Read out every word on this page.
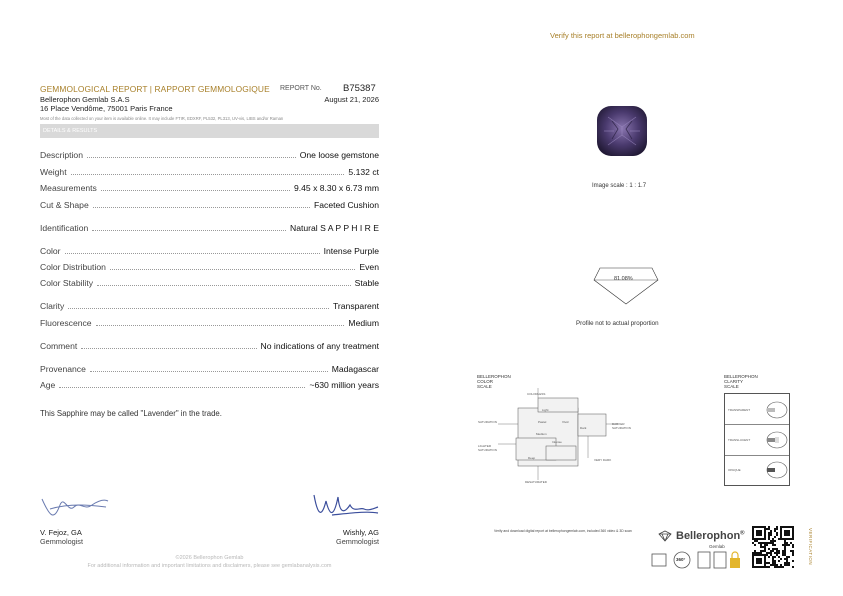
Verify this report at bellerophongemlab.com
GEMMOLOGICAL REPORT | RAPPORT GEMMOLOGIQUE REPORT No. B75387
Bellerophon Gemlab S.A.S	August 21, 2026
16 Place Vendôme, 75001 Paris France
Most of the data collected on your item is available online. It may include FTIR, EDXRF, PL532, PL313, UV-vis, LIBS and/or Raman
DETAILS & RESULTS
Description	One loose gemstone
Weight	5.132 ct
Measurements	9.45 x 8.30 x 6.73 mm
Cut & Shape	Faceted Cushion
Identification	Natural S A P P H I R E
Color	Intense Purple
Color Distribution	Even
Color Stability	Stable
Clarity	Transparent
Fluorescence	Medium
Comment	No indications of any treatment
Provenance	Madagascar
Age	~630 million years
This Sapphire may be called "Lavender" in the trade.
V. Fejoz, GA
Gemmologist
Wishly, AG
Gemmologist
©2026 Bellerophon Gemlab
For additional information and important limitations and disclaimers, please see gemlabanalysis.com
Image scale : 1 : 1.7
81.08%
Profile not to actual proportion
BELLEROPHON
COLOR
SCALE
COLORLESS
SATURATION
LIGHTER SATURATION
DARKER SATURATION
VERY DARK
DESATURATED
Light
Pastel	Vivid
Dark
Medium
Intense
Deep
BELLEROPHON
CLARITY
SCALE
TRANSPARENT
TRANSLUCENT
OPAQUE
Verify and download digital report at bellerophongemlab.com, included 360 video & 3D scan	Bellerophon®
Gemlab
360°	VERIFICATION
